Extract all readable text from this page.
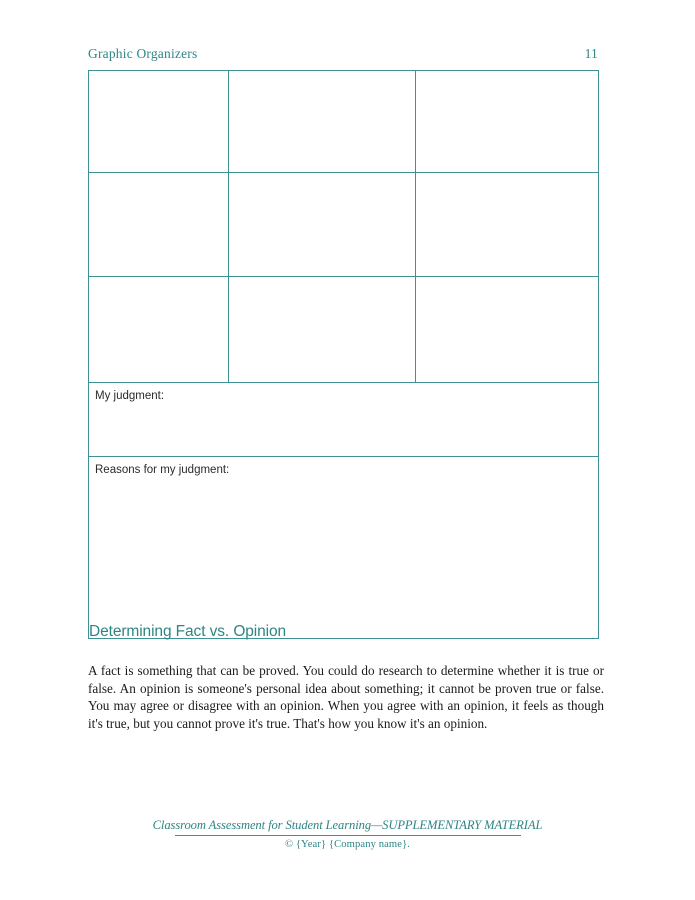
Graphic Organizers	11

My judgment:		
Reasons for my judgment:		
Determining Fact vs. Opinion

A fact is something that can be proved. You could do research to determine whether it is true or false. An opinion is someone's personal idea about something; it cannot be proven true or false. You may agree or disagree with an opinion. When you agree with an opinion, it feels as though it's true, but you cannot prove it's true. That's how you know it's an opinion.

Classroom Assessment for Student Learning—SUPPLEMENTARY MATERIAL
© {Year} {Company name}.
